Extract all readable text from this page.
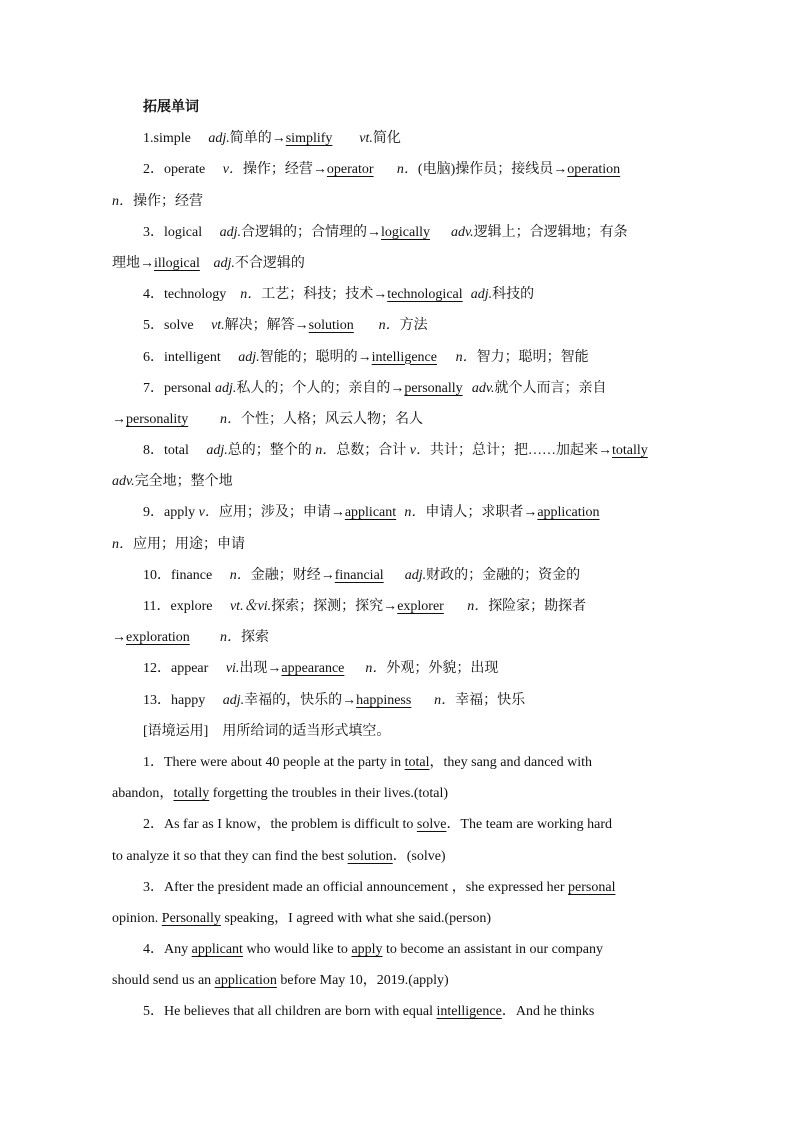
拓展单词
1.simple　 adj.简单的→simplify　 vt.简化
2．operate　 v．操作；经营→operator　 n．(电脑)操作员；接线员→operation
n．操作；经营
3．logical　 adj.合逻辑的；合情理的→logically　 adv.逻辑上；合逻辑地；有条
理地→illogical adj.不合逻辑的
4．technology　n．工艺；科技；技术→technological adj.科技的
5．solve　 vt.解决；解答→solution　 n．方法
6．intelligent　 adj.智能的；聪明的→intelligence　 n．智力；聪明；智能
7．personal adj.私人的；个人的；亲自的→personally adv.就个人而言；亲自
→personality　 n．个性；人格；风云人物；名人
8．total　 adj.总的；整个的 n．总数；合计 v．共计；总计；把……加起来→totally
adv.完全地；整个地
9．apply v．应用；涉及；申请→applicant n．申请人；求职者→application
n．应用；用途；申请
10．finance　 n．金融；财经→financial　 adj.财政的；金融的；资金的
11．explore　 vt.＆vi.探索；探测；探究→explorer　 n．探险家；勘探者
→exploration　 n．探索
12．appear　 vi.出现→appearance　 n．外观；外貌；出现
13．happy　 adj.幸福的，快乐的→happiness　 n．幸福；快乐
[语境运用]　用所给词的适当形式填空。
1．There were about 40 people at the party in total，they sang and danced with
abandon，totally forgetting the troubles in their lives.(total)
2．As far as I know，the problem is difficult to solve．The team are working hard
to analyze it so that they can find the best solution．(solve)
3．After the president made an official announcement ，she expressed her personal
opinion. Personally speaking，I agreed with what she said.(person)
4．Any applicant who would like to apply to become an assistant in our company
should send us an application before May 10，2019.(apply)
5．He believes that all children are born with equal intelligence．And he thinks
